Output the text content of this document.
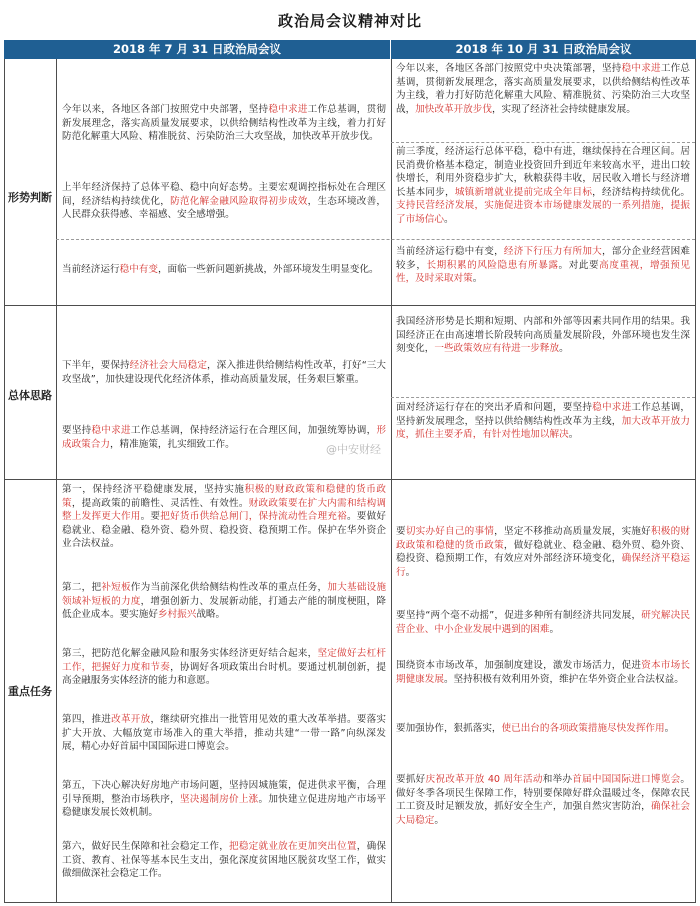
政治局会议精神对比
2018 年 7 月 31 日政治局会议	2018 年 10 月 31 日政治局会议
形势判断
总体思路
重点任务
今年以来，各地区各部门按照党中央部署，坚持稳中求进工作总基调，贯彻新发展理念，落实高质量发展要求，以供给侧结构性改革为主线，着力打好防范化解重大风险、精准脱贫、污染防治三大攻坚战，加快改革开放步伐。
上半年经济保持了总体平稳、稳中向好态势。主要宏观调控指标处在合理区间，经济结构持续优化，防范化解金融风险取得初步成效，生态环境改善，人民群众获得感、幸福感、安全感增强。
当前经济运行稳中有变，面临一些新问题新挑战，外部环境发生明显变化。
下半年，要保持经济社会大局稳定，深入推进供给侧结构性改革，打好“三大攻坚战”，加快建设现代化经济体系，推动高质量发展，任务艰巨繁重。
要坚持稳中求进工作总基调，保持经济运行在合理区间，加强统筹协调，形成政策合力，精准施策，扎实细致工作。
第一，保持经济平稳健康发展，坚持实施积极的财政政策和稳健的货币政策，提高政策的前瞻性、灵活性、有效性。财政政策要在扩大内需和结构调整上发挥更大作用。要把好货币供给总闸门，保持流动性合理充裕。要做好稳就业、稳金融、稳外资、稳外贸、稳投资、稳预期工作。保护在华外资企业合法权益。
第二，把补短板作为当前深化供给侧结构性改革的重点任务，加大基础设施领域补短板的力度，增强创新力、发展新动能，打通去产能的制度梗阻，降低企业成本。要实施好乡村振兴战略。
第三，把防范化解金融风险和服务实体经济更好结合起来，坚定做好去杠杆工作，把握好力度和节奏，协调好各项政策出台时机。要通过机制创新，提高金融服务实体经济的能力和意愿。
第四，推进改革开放，继续研究推出一批管用见效的重大改革举措。要落实扩大开放、大幅放宽市场准入的重大举措，推动共建“一带一路”向纵深发展，精心办好首届中国国际进口博览会。
第五，下决心解决好房地产市场问题，坚持因城施策，促进供求平衡，合理引导预期，整治市场秩序，坚决遏制房价上涨。加快建立促进房地产市场平稳健康发展长效机制。
第六，做好民生保障和社会稳定工作，把稳定就业放在更加突出位置，确保工资、教育、社保等基本民生支出，强化深度贫困地区脱贫攻坚工作，做实做细做深社会稳定工作。
今年以来，各地区各部门按照党中央决策部署，坚持稳中求进工作总基调，贯彻新发展理念，落实高质量发展要求，以供给侧结构性改革为主线，着力打好防范化解重大风险、精准脱贫、污染防治三大攻坚战，加快改革开放步伐，实现了经济社会持续健康发展。
前三季度，经济运行总体平稳，稳中有进，继续保持在合理区间。居民消费价格基本稳定，制造业投资回升到近年来较高水平，进出口较快增长，利用外资稳步扩大，秋粮获得丰收，居民收入增长与经济增长基本同步，城镇新增就业提前完成全年目标，经济结构持续优化。支持民营经济发展，实施促进资本市场健康发展的一系列措施，提振了市场信心。
当前经济运行稳中有变，经济下行压力有所加大，部分企业经营困难较多，长期积累的风险隐患有所暴露。对此要高度重视，增强预见性，及时采取对策。
我国经济形势是长期和短期、内部和外部等因素共同作用的结果。我国经济正在由高速增长阶段转向高质量发展阶段，外部环境也发生深刻变化，一些政策效应有待进一步释放。
面对经济运行存在的突出矛盾和问题，要坚持稳中求进工作总基调，坚持新发展理念，坚持以供给侧结构性改革为主线，加大改革开放力度，抓住主要矛盾，有针对性地加以解决。
要切实办好自己的事情，坚定不移推动高质量发展，实施好积极的财政政策和稳健的货币政策，做好稳就业、稳金融、稳外贸、稳外资、稳投资、稳预期工作，有效应对外部经济环境变化，确保经济平稳运行。
要坚持“两个毫不动摇”，促进多种所有制经济共同发展，研究解决民营企业、中小企业发展中遇到的困难。
围绕资本市场改革，加强制度建设，激发市场活力，促进资本市场长期健康发展。坚持积极有效利用外资，维护在华外资企业合法权益。
要加强协作，狠抓落实，使已出台的各项政策措施尽快发挥作用。
要抓好庆祝改革开放 40 周年活动和举办首届中国国际进口博览会。做好冬季各项民生保障工作，特别要保障好群众温暖过冬，保障农民工工资及时足额发放，抓好安全生产，加强自然灾害防治，确保社会大局稳定。
@中安财经
